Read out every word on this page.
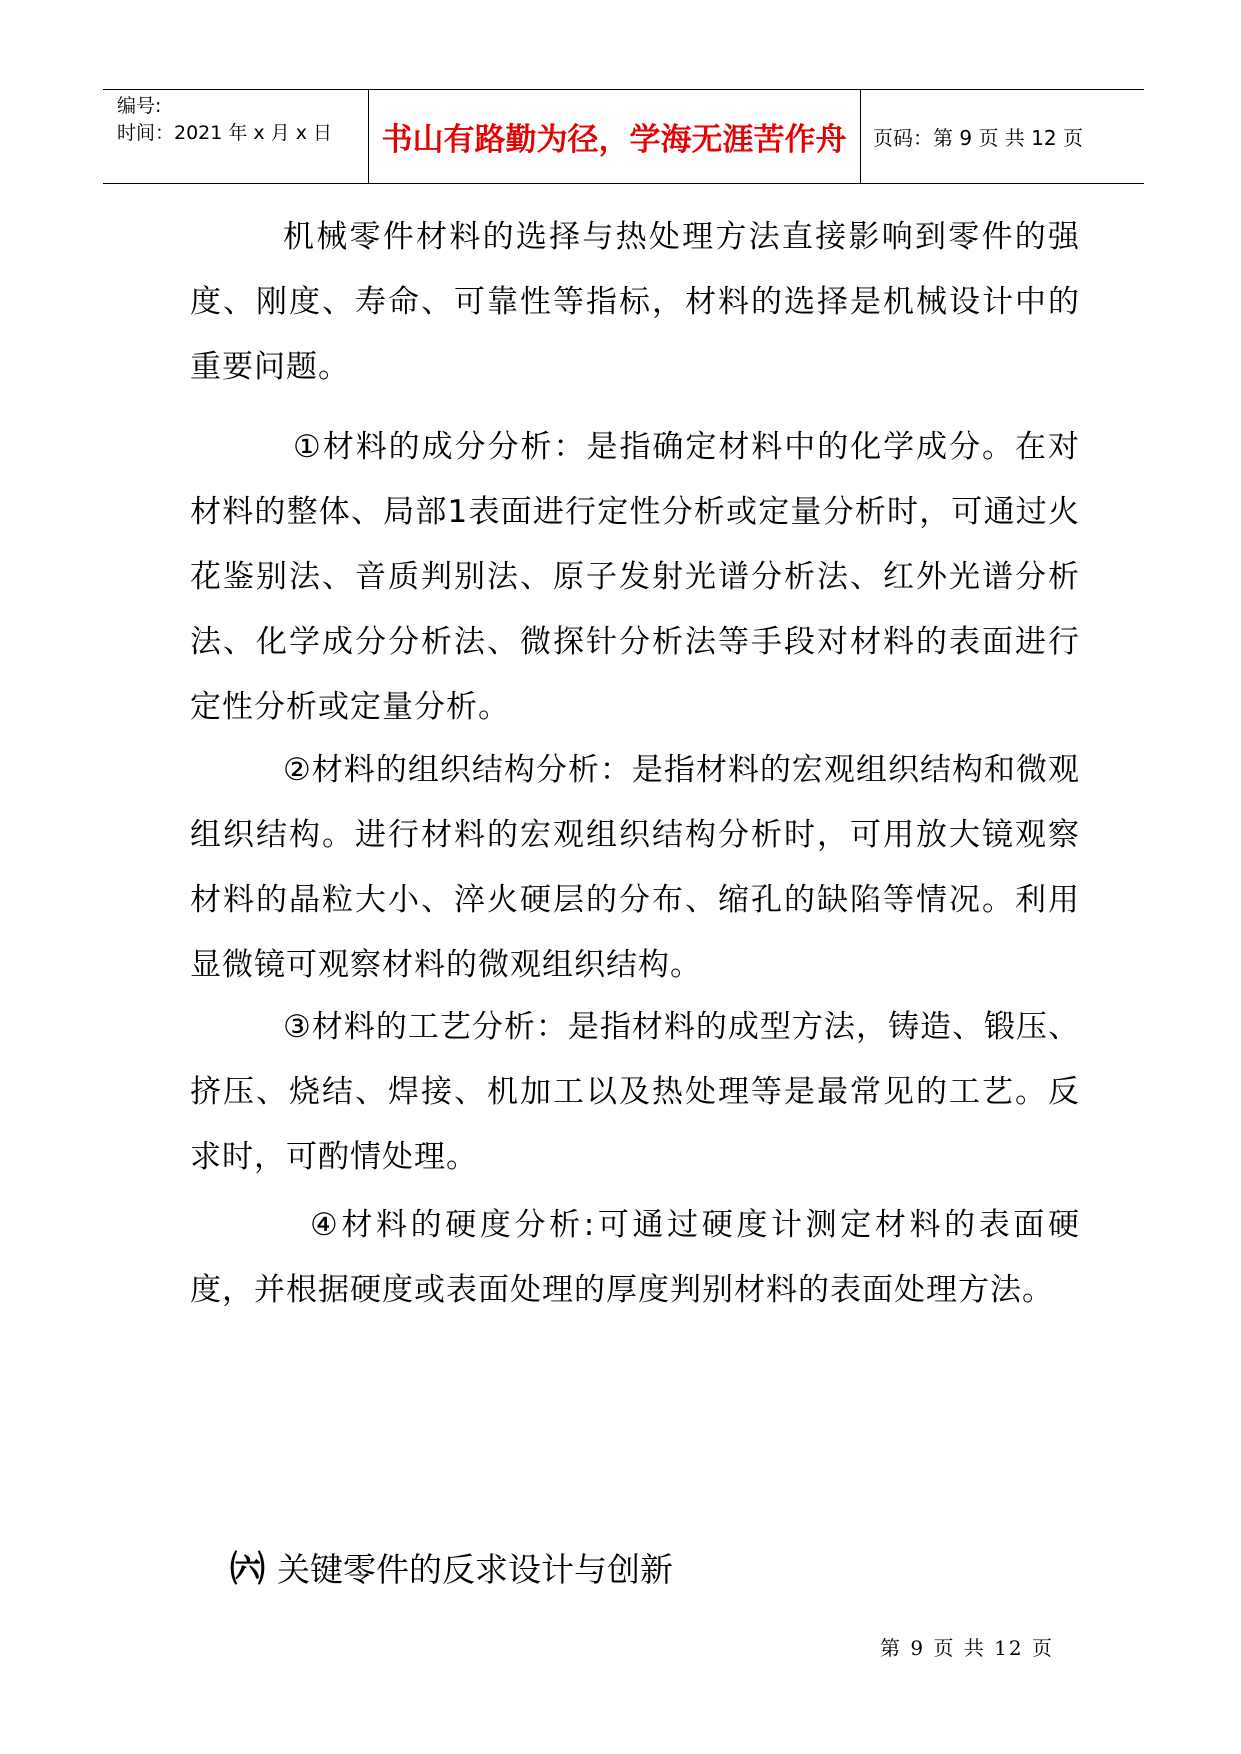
编号:
时间：2021 年 x 月 x 日	书山有路勤为径，学海无涯苦作舟	页码：第 9 页 共 12 页
机械零件材料的选择与热处理方法直接影响到零件的强度、刚度、寿命、可靠性等指标，材料的选择是机械设计中的重要问题。
①材料的成分分析：是指确定材料中的化学成分。在对材料的整体、局部1表面进行定性分析或定量分析时，可通过火花鉴别法、音质判别法、原子发射光谱分析法、红外光谱分析法、化学成分分析法、微探针分析法等手段对材料的表面进行定性分析或定量分析。
②材料的组织结构分析：是指材料的宏观组织结构和微观组织结构。进行材料的宏观组织结构分析时，可用放大镜观察材料的晶粒大小、淬火硬层的分布、缩孔的缺陷等情况。利用显微镜可观察材料的微观组织结构。
③材料的工艺分析：是指材料的成型方法，铸造、锻压、挤压、烧结、焊接、机加工以及热处理等是最常见的工艺。反求时，可酌情处理。
④材料的硬度分析:可通过硬度计测定材料的表面硬度，并根据硬度或表面处理的厚度判别材料的表面处理方法。
㈥ 关键零件的反求设计与创新
第 9 页 共 12 页
